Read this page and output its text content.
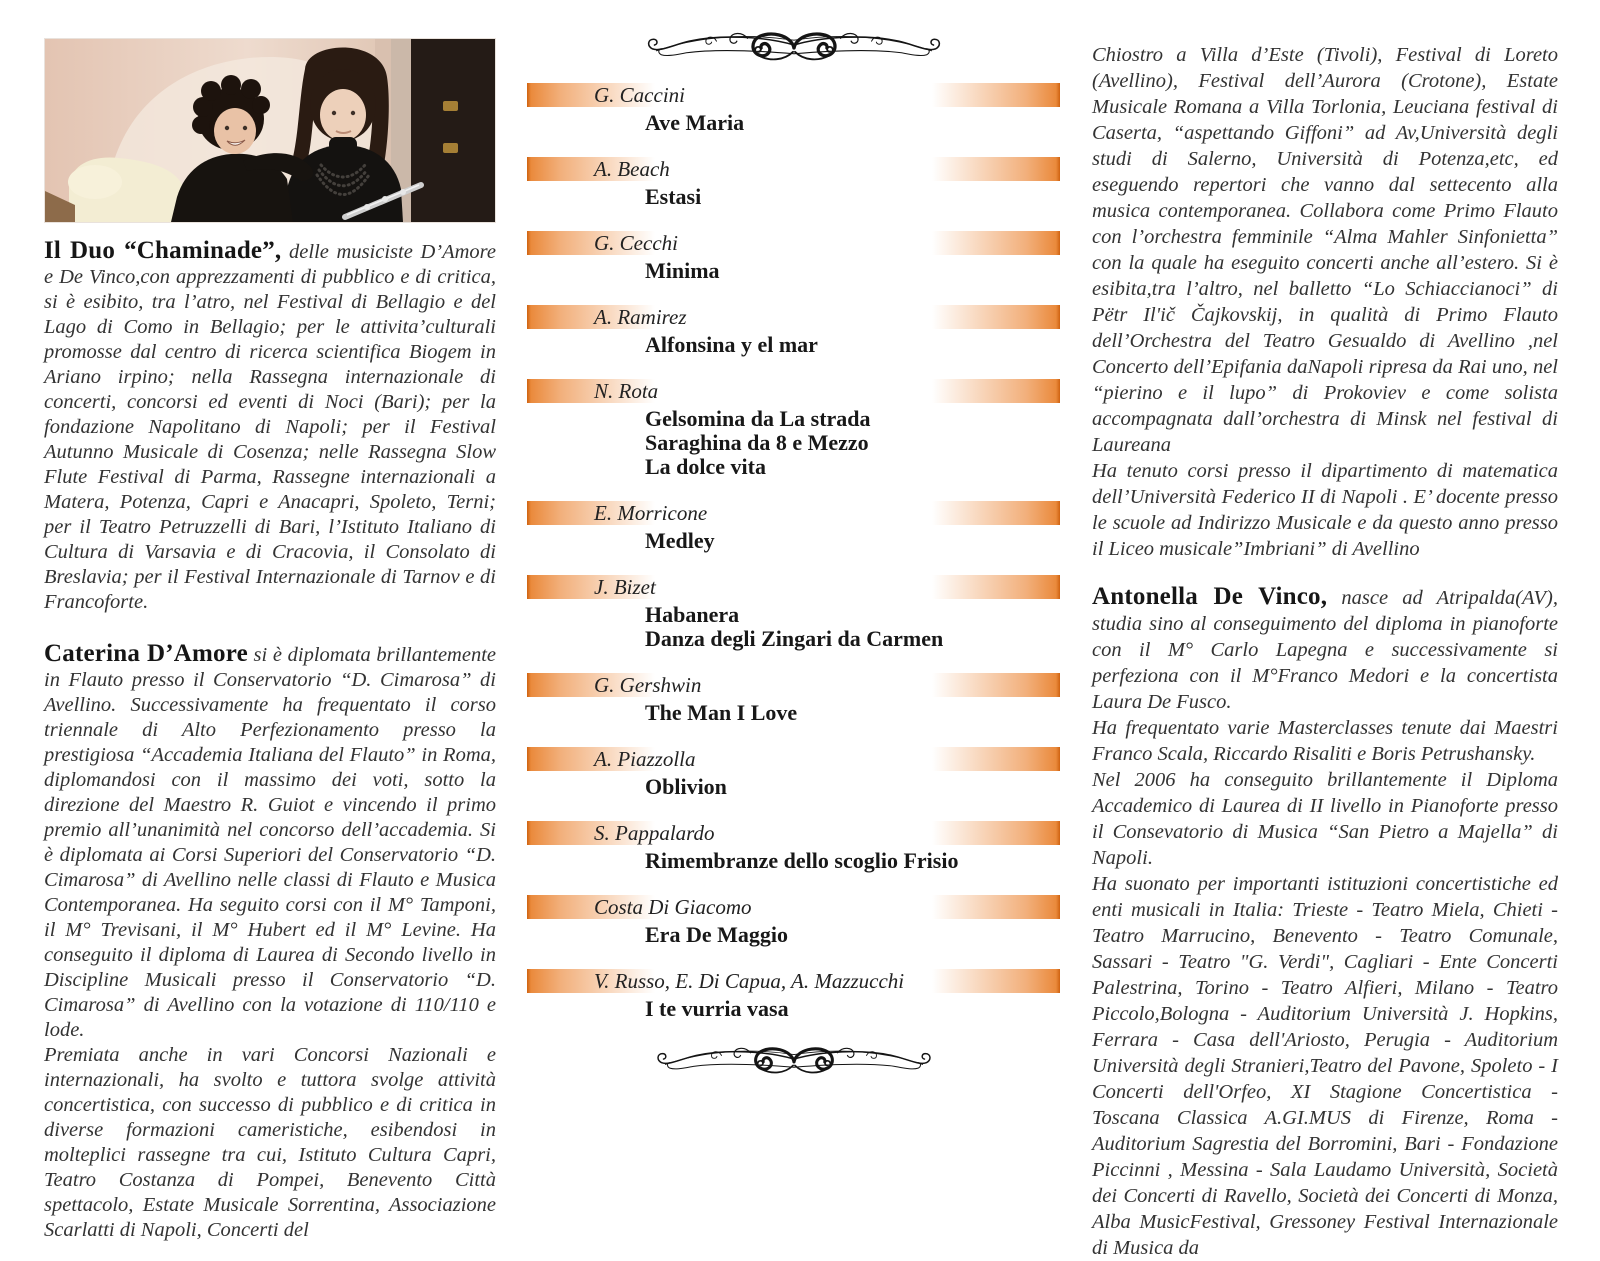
Il Duo “Chaminade”, delle musiciste D’Amore e De Vinco,con apprezzamenti di pubblico e di critica, si è esibito, tra l’atro, nel Festival di Bellagio e del Lago di Como in Bellagio; per le attivita’culturali promosse dal centro di ricerca scientifica Biogem in Ariano irpino; nella Rassegna internazionale di concerti, concorsi ed eventi di Noci (Bari); per la fondazione Napolitano di Napoli; per il Festival Autunno Musicale di Cosenza; nelle Rassegna Slow Flute Festival di Parma, Rassegne internazionali a Matera, Potenza, Capri e Anacapri, Spoleto, Terni; per il Teatro Petruzzelli di Bari, l’Istituto Italiano di Cultura di Varsavia e di Cracovia, il Consolato di Breslavia; per il Festival Internazionale di Tarnov e di Francoforte.

Caterina D’Amore si è diplomata brillantemente in Flauto presso il Conservatorio “D. Cimarosa” di Avellino. Successivamente ha frequentato il corso triennale di Alto Perfezionamento presso la prestigiosa “Accademia Italiana del Flauto” in Roma, diplomandosi con il massimo dei voti, sotto la direzione del Maestro R. Guiot e vincendo il primo premio all’unanimità nel concorso dell’accademia. Si è diplomata ai Corsi Superiori del Conservatorio “D. Cimarosa” di Avellino nelle classi di Flauto e Musica Contemporanea. Ha seguito corsi con il M° Tamponi, il M° Trevisani, il M° Hubert ed il M° Levine. Ha conseguito il diploma di Laurea di Secondo livello in Discipline Musicali presso il Conservatorio “D. Cimarosa” di Avellino con la votazione di 110/110 e lode.

Premiata anche in vari Concorsi Nazionali e internazionali, ha svolto e tuttora svolge attività concertistica, con successo di pubblico e di critica in diverse formazioni cameristiche, esibendosi in molteplici rassegne tra cui, Istituto Cultura Capri, Teatro Costanza di Pompei, Benevento Città spettacolo, Estate Musicale Sorrentina, Associazione Scarlatti di Napoli, Concerti del

G. Caccini
Ave Maria
A. Beach
Estasi
G. Cecchi
Minima
A. Ramirez
Alfonsina y el mar
N. Rota
Gelsomina da La strada
Saraghina da 8 e Mezzo
La dolce vita
E. Morricone
Medley
J. Bizet
Habanera
Danza degli Zingari da Carmen
G. Gershwin
The Man I Love
A. Piazzolla
Oblivion
S. Pappalardo
Rimembranze dello scoglio Frisio
Costa Di Giacomo
Era De Maggio
V. Russo, E. Di Capua, A. Mazzucchi
I te vurria vasa

Chiostro a Villa d’Este (Tivoli), Festival di Loreto (Avellino), Festival dell’Aurora (Crotone), Estate Musicale Romana a Villa Torlonia, Leuciana festival di Caserta, “aspettando Giffoni” ad Av,Università degli studi di Salerno, Università di Potenza,etc, ed eseguendo repertori che vanno dal settecento alla musica contemporanea. Collabora come Primo Flauto con l’orchestra femminile “Alma Mahler Sinfonietta” con la quale ha eseguito concerti anche all’estero. Si è esibita,tra l’altro, nel balletto “Lo Schiaccianoci” di Pëtr Il'ič Čajkovskij, in qualità di Primo Flauto dell’Orchestra del Teatro Gesualdo di Avellino ,nel Concerto dell’Epifania daNapoli ripresa da Rai uno, nel “pierino e il lupo” di Prokoviev e come solista accompagnata dall’orchestra di Minsk nel festival di Laureana

Ha tenuto corsi presso il dipartimento di matematica dell’Università Federico II di Napoli . E’ docente presso le scuole ad Indirizzo Musicale e da questo anno presso il Liceo musicale”Imbriani” di Avellino

Antonella De Vinco, nasce ad Atripalda(AV), studia sino al conseguimento del diploma in pianoforte con il M° Carlo Lapegna e successivamente si perfeziona con il M°Franco Medori e la concertista Laura De Fusco.

Ha frequentato varie Masterclasses tenute dai Maestri Franco Scala, Riccardo Risaliti e Boris Petrushansky.

Nel 2006 ha conseguito brillantemente il Diploma Accademico di Laurea di II livello in Pianoforte presso il Consevatorio di Musica “San Pietro a Majella” di Napoli.

Ha suonato per importanti istituzioni concertistiche ed enti musicali in Italia: Trieste - Teatro Miela, Chieti - Teatro Marrucino, Benevento - Teatro Comunale, Sassari - Teatro "G. Verdi", Cagliari - Ente Concerti Palestrina, Torino - Teatro Alfieri, Milano - Teatro Piccolo,Bologna - Auditorium Università J. Hopkins, Ferrara - Casa dell'Ariosto, Perugia - Auditorium Università degli Stranieri,Teatro del Pavone, Spoleto - I Concerti dell'Orfeo, XI Stagione Concertistica - Toscana Classica A.GI.MUS di Firenze, Roma - Auditorium Sagrestia del Borromini, Bari - Fondazione Piccinni , Messina - Sala Laudamo Università, Società dei Concerti di Ravello, Società dei Concerti di Monza, Alba MusicFestival, Gressoney Festival Internazionale di Musica da
